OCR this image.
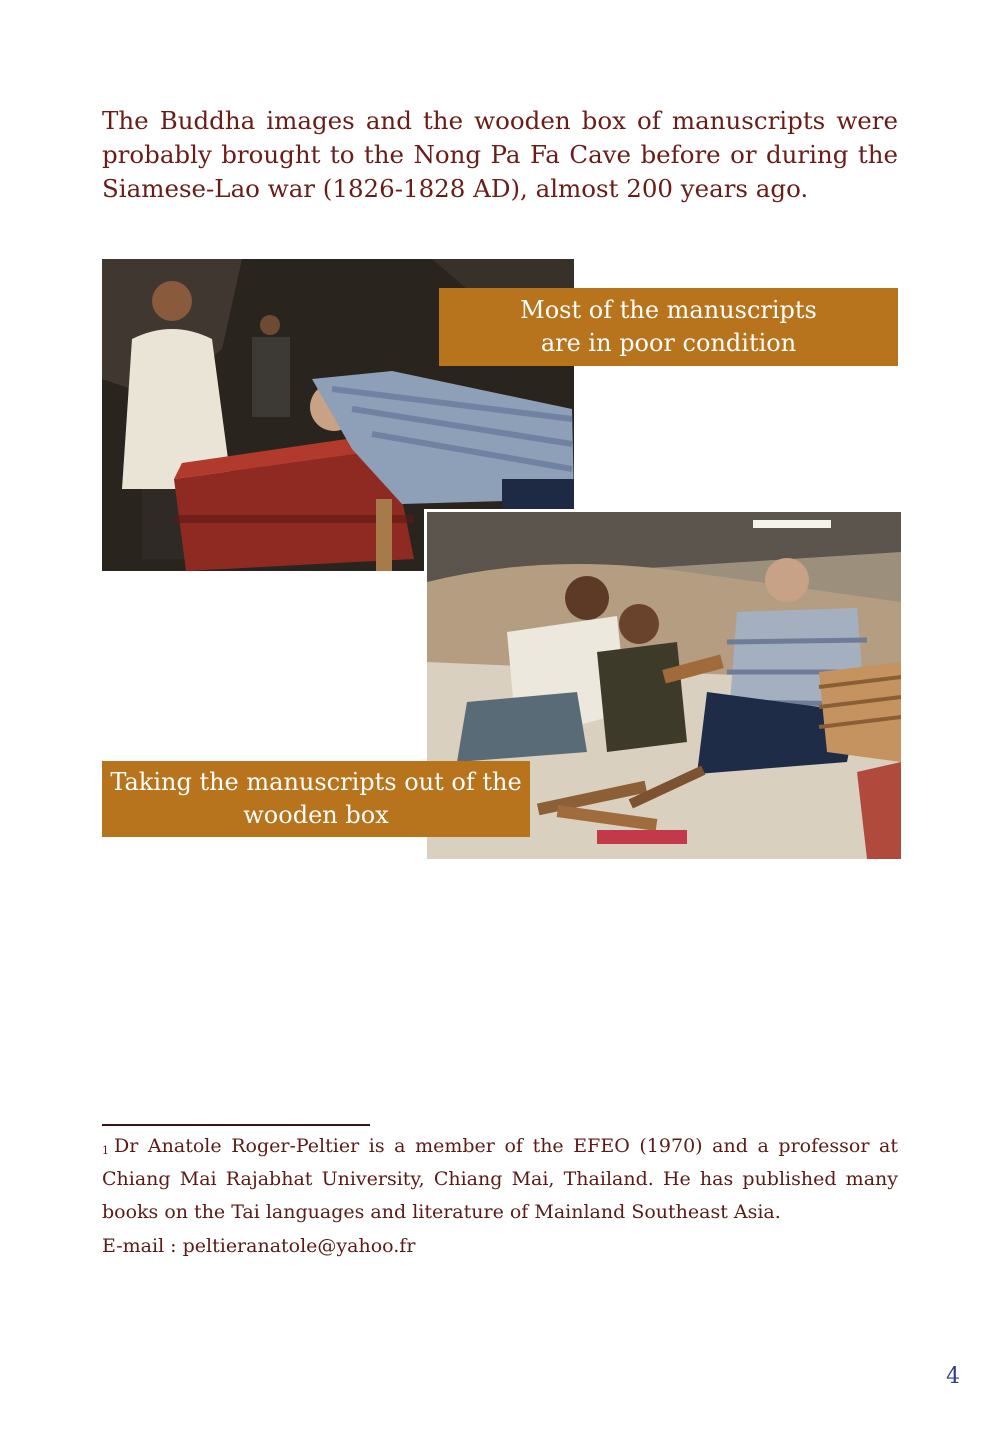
The Buddha images and the wooden box of manuscripts were probably brought to the Nong Pa Fa Cave before or during the Siamese-Lao war (1826-1828 AD), almost 200 years ago.

Most of the manuscripts
are in poor condition
Taking the manuscripts out of the
wooden box

$^1$ Dr Anatole Roger-Peltier is a member of the EFEO (1970) and a professor at Chiang Mai Rajabhat University, Chiang Mai, Thailand. He has published many books on the Tai languages and literature of Mainland Southeast Asia.

E-mail : peltieranatole@yahoo.fr
4
